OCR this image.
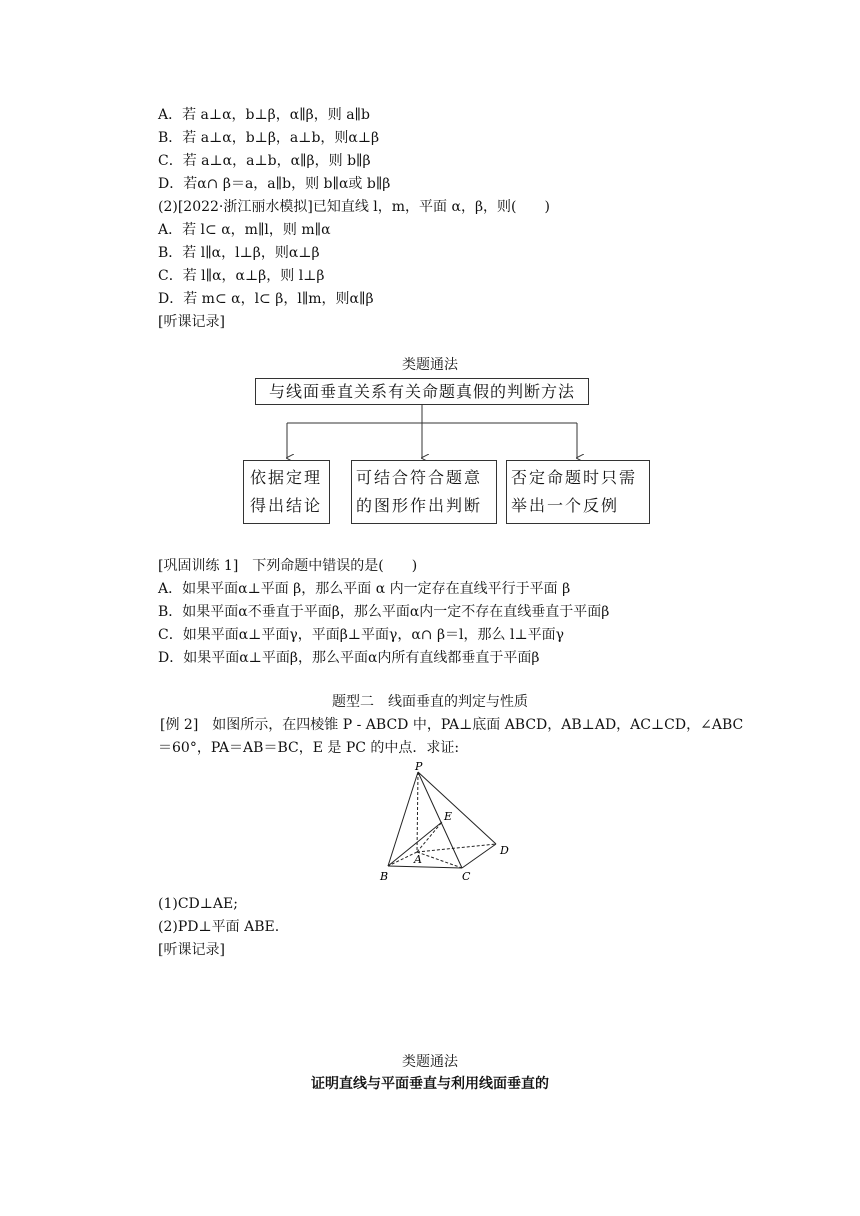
A．若 a⊥α，b⊥β，α∥β，则 a∥b
B．若 a⊥α，b⊥β，a⊥b，则α⊥β
C．若 a⊥α，a⊥b，α∥β，则 b∥β
D．若α∩ β＝a，a∥b，则 b∥α或 b∥β
(2)[2022·浙江丽水模拟]已知直线 l，m，平面 α，β，则(　　)
A．若 l⊂ α，m∥l，则 m∥α
B．若 l∥α，l⊥β，则α⊥β
C．若 l∥α，α⊥β，则 l⊥β
D．若 m⊂ α，l⊂ β，l∥m，则α∥β
[听课记录]
类题通法
与线面垂直关系有关命题真假的判断方法
依据定理
得出结论
可结合符合题意
的图形作出判断
否定命题时只需
举出一个反例
[巩固训练 1]　下列命题中错误的是(　　)
A．如果平面α⊥平面 β，那么平面 α 内一定存在直线平行于平面 β
B．如果平面α不垂直于平面β，那么平面α内一定不存在直线垂直于平面β
C．如果平面α⊥平面γ，平面β⊥平面γ，α∩ β＝l，那么 l⊥平面γ
D．如果平面α⊥平面β，那么平面α内所有直线都垂直于平面β
题型二　线面垂直的判定与性质
[例 2]　如图所示，在四棱锥 P - ABCD 中，PA⊥底面 ABCD，AB⊥AD，AC⊥CD，∠ABC
＝60°，PA＝AB＝BC，E 是 PC 的中点．求证:
P
E
A
B	C
D
(1)CD⊥AE;
(2)PD⊥平面 ABE.
[听课记录]
类题通法
证明直线与平面垂直与利用线面垂直的
